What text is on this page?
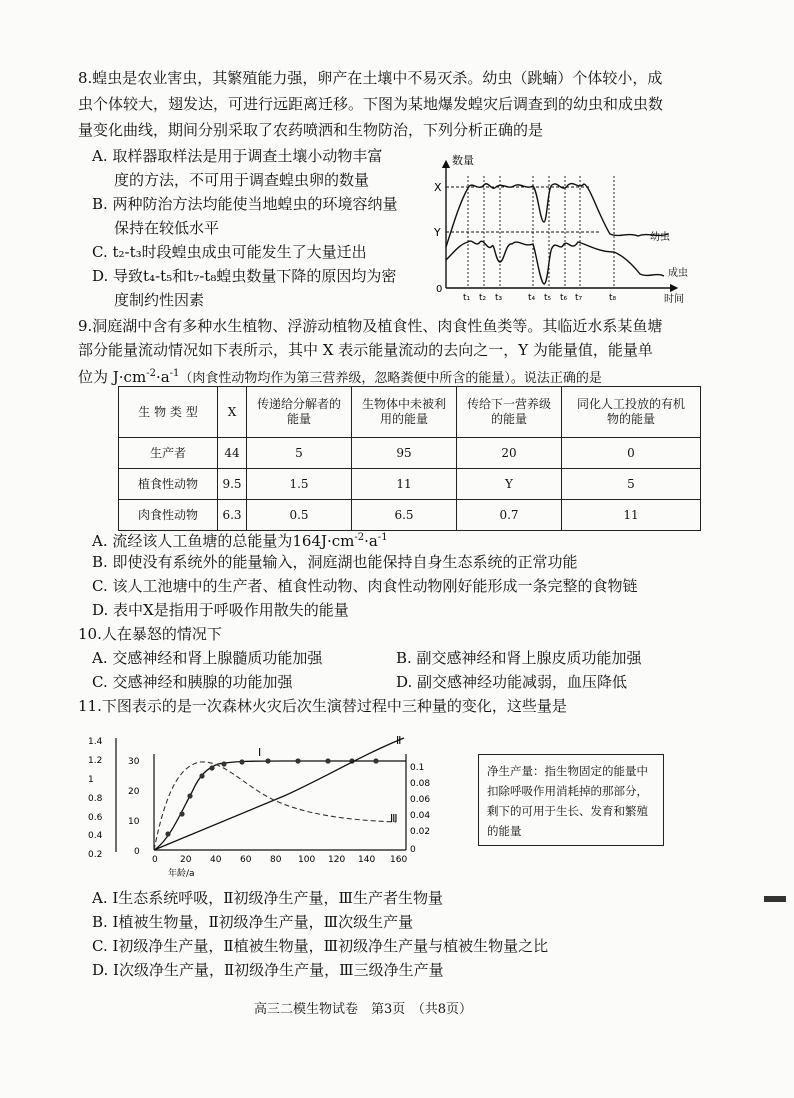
8.蝗虫是农业害虫，其繁殖能力强，卵产在土壤中不易灭杀。幼虫（跳蝻）个体较小，成
虫个体较大，翅发达，可进行远距离迁移。下图为某地爆发蝗灾后调查到的幼虫和成虫数
量变化曲线，期间分别采取了农药喷洒和生物防治，下列分析正确的是
A. 取样器取样法是用于调查土壤小动物丰富
度的方法，不可用于调查蝗虫卵的数量
B. 两种防治方法均能使当地蝗虫的环境容纳量
保持在较低水平
C. t₂-t₃时段蝗虫成虫可能发生了大量迁出
D. 导致t₄-t₅和t₇-t₈蝗虫数量下降的原因均为密
度制约性因素
数量
时间
0
X
Y
t₁ t₂ t₃	t₄ t₅ t₆ t₇	t₈
幼虫
成虫
9.洞庭湖中含有多种水生植物、浮游动植物及植食性、肉食性鱼类等。其临近水系某鱼塘
部分能量流动情况如下表所示，其中 X 表示能量流动的去向之一，Y 为能量值，能量单
位为 $J\cdot cm^{-2}\cdot a^{-1}$（肉食性动物均作为第三营养级，忽略粪便中所含的能量）。说法正确的是
生 物 类 型	X	传递给分解者的能量	生物体中未被利用的能量	传给下一营养级的能量	同化人工投放的有机物的能量
生产者	44	5	95	20	0
植食性动物	9.5	1.5	11	Y	5
肉食性动物	6.3	0.5	6.5	0.7	11
A. 流经该人工鱼塘的总能量为$164J\cdot cm^{-2}\cdot a^{-1}$
B. 即使没有系统外的能量输入，洞庭湖也能保持自身生态系统的正常功能
C. 该人工池塘中的生产者、植食性动物、肉食性动物刚好能形成一条完整的食物链
D. 表中X是指用于呼吸作用散失的能量
10.人在暴怒的情况下
A. 交感神经和肾上腺髓质功能加强	B. 副交感神经和肾上腺皮质功能加强
C. 交感神经和胰腺的功能加强	D. 副交感神经功能减弱，血压降低
11.下图表示的是一次森林火灾后次生演替过程中三种量的变化，这些量是
1.4
1.2
1
0.8
0.6
0.4
0.2
30
20
10
0
0.1
0.08
0.06
0.04
0.02
0
0 20 40 60 80 100 120 140 160
年龄/a
Ⅰ
Ⅱ
Ⅲ
净生产量：指生物固定的能量中扣除呼吸作用消耗掉的那部分，剩下的可用于生长、发育和繁殖的能量
A. Ⅰ生态系统呼吸，Ⅱ初级净生产量，Ⅲ生产者生物量
B. Ⅰ植被生物量，Ⅱ初级净生产量，Ⅲ次级生产量
C. Ⅰ初级净生产量，Ⅱ植被生物量，Ⅲ初级净生产量与植被生物量之比
D. Ⅰ次级净生产量，Ⅱ初级净生产量，Ⅲ三级净生产量
高三二模生物试卷　第3页　（共8页）
